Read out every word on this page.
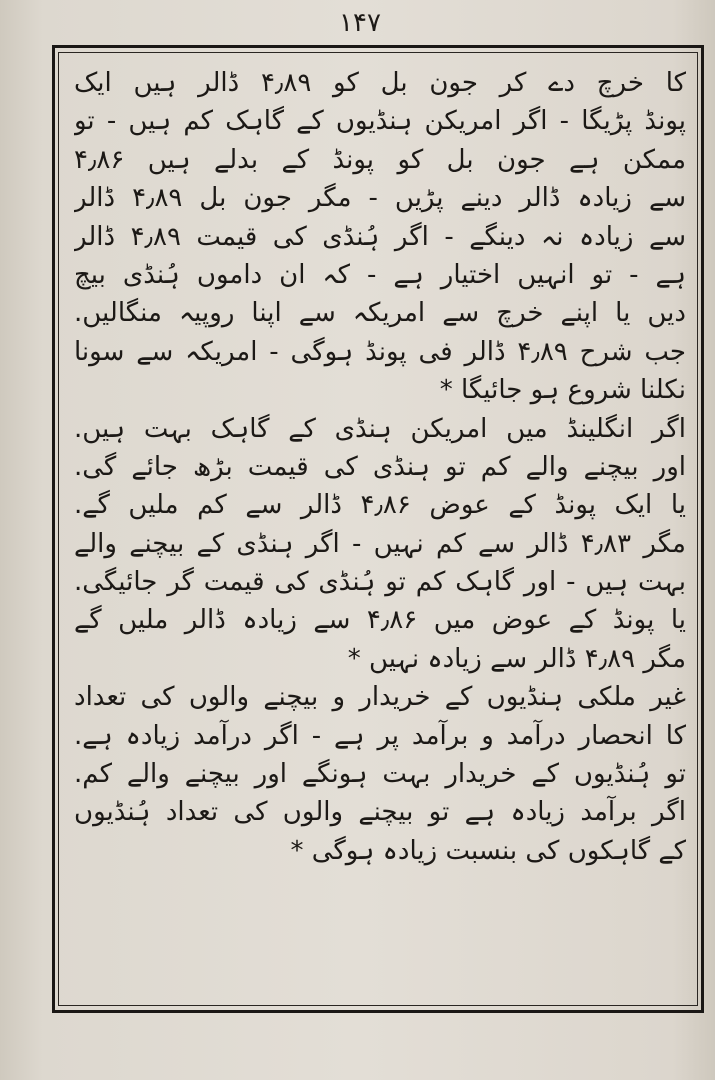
۱۴۷
کا خرچ دے کر جون بل کو ۴٫۸۹ ڈالر ہیں ایک
پونڈ پڑیگا - اگر امریکن ہنڈیوں کے گاہک کم ہیں - تو
ممکن ہے جون بل کو پونڈ کے بدلے ہیں ۴٫۸۶
سے زیادہ ڈالر دینے پڑیں - مگر جون بل ۴٫۸۹ ڈالر
سے زیادہ نہ دینگے - اگر ہُنڈی کی قیمت ۴٫۸۹ ڈالر
ہے - تو انہیں اختیار ہے - کہ ان داموں ہُنڈی بیچ
دیں یا اپنے خرچ سے امریکہ سے اپنا روپیہ منگالیں.
جب شرح ۴٫۸۹ ڈالر فی پونڈ ہوگی - امریکہ سے سونا
نکلنا شروع ہو جائیگا *
اگر انگلینڈ میں امریکن ہنڈی کے گاہک بہت ہیں.
اور بیچنے والے کم تو ہنڈی کی قیمت بڑھ جائے گی.
یا ایک پونڈ کے عوض ۴٫۸۶ ڈالر سے کم ملیں گے.
مگر ۴٫۸۳ ڈالر سے کم نہیں - اگر ہنڈی کے بیچنے والے
بہت ہیں - اور گاہک کم تو ہُنڈی کی قیمت گر جائیگی.
یا پونڈ کے عوض میں ۴٫۸۶ سے زیادہ ڈالر ملیں گے
مگر ۴٫۸۹ ڈالر سے زیادہ نہیں *
غیر ملکی ہنڈیوں کے خریدار و بیچنے والوں کی تعداد
کا انحصار درآمد و برآمد پر ہے - اگر درآمد زیادہ ہے.
تو ہُنڈیوں کے خریدار بہت ہونگے اور بیچنے والے کم.
اگر برآمد زیادہ ہے تو بیچنے والوں کی تعداد ہُنڈیوں
کے گاہکوں کی بنسبت زیادہ ہوگی *
